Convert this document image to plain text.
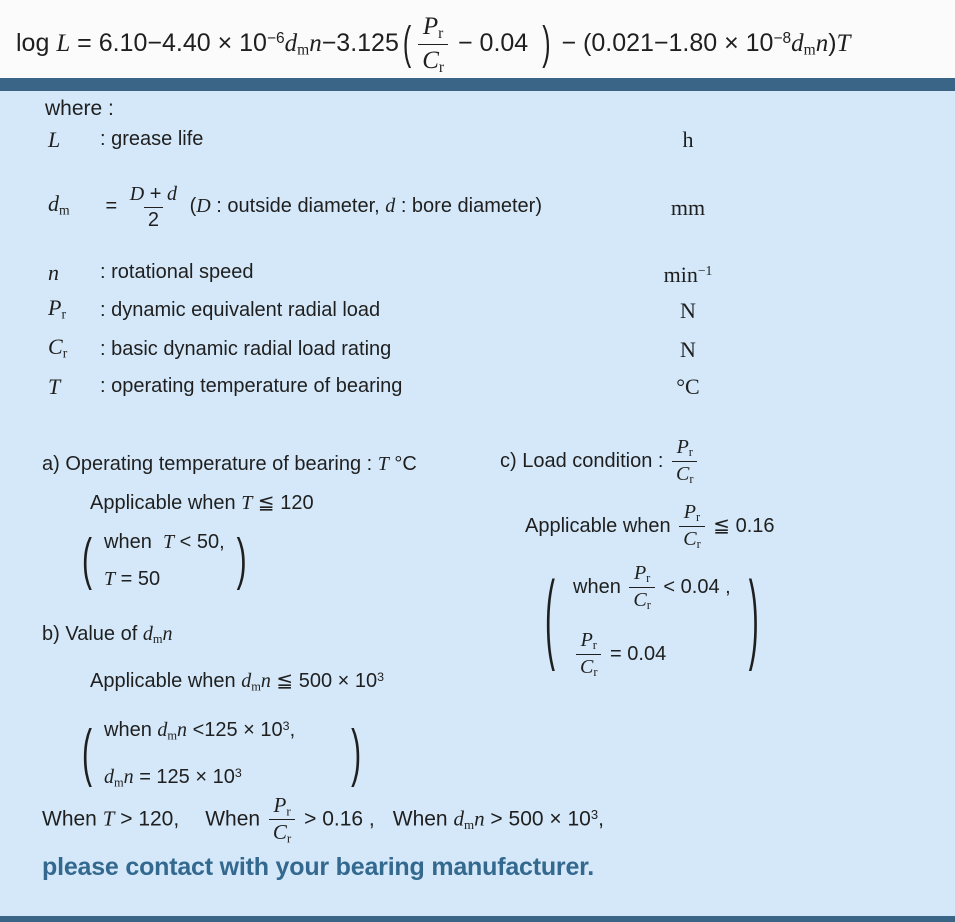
$\log L = 6.10-4.40 \times 10^{-6}dmn-3.125$ ( $\frac{Pr}{Cr} - 0.04$ ) − $(0.021-1.80 \times 10^{-8}dmn)T$
where :
L	: grease life	h
dm	= $\frac{D + d}{2} (D$ : outside diameter, d : bore diameter)	mm
n	: rotational speed	$\min^{-1}$
Pr	: dynamic equivalent radial load	N
Cr	: basic dynamic radial load rating	N
T	: operating temperature of bearing	°C
a) Operating temperature of bearing : T °C
Applicable when T ≦ 120
( when  T < 50,
T = 50	)
b) Value of dmn
Applicable when dmn ≦ $500 \times 10^3$
( when dmn $<125 \times 10^3$,
dmn = $125 \times 10^3$	)
c) Load condition : $\frac{Pr}{Cr}$
Applicable when $\frac{Pr}{Cr}$ ≦ 0.16
( when $\frac{Pr}{Cr} < 0.04$ ,
$\frac{Pr}{Cr} = 0.04$	)
When T > 120, When $\frac{Pr}{Cr} > 0.16$ , When dmn > $500 \times 10^3$,
please contact with your bearing manufacturer.
